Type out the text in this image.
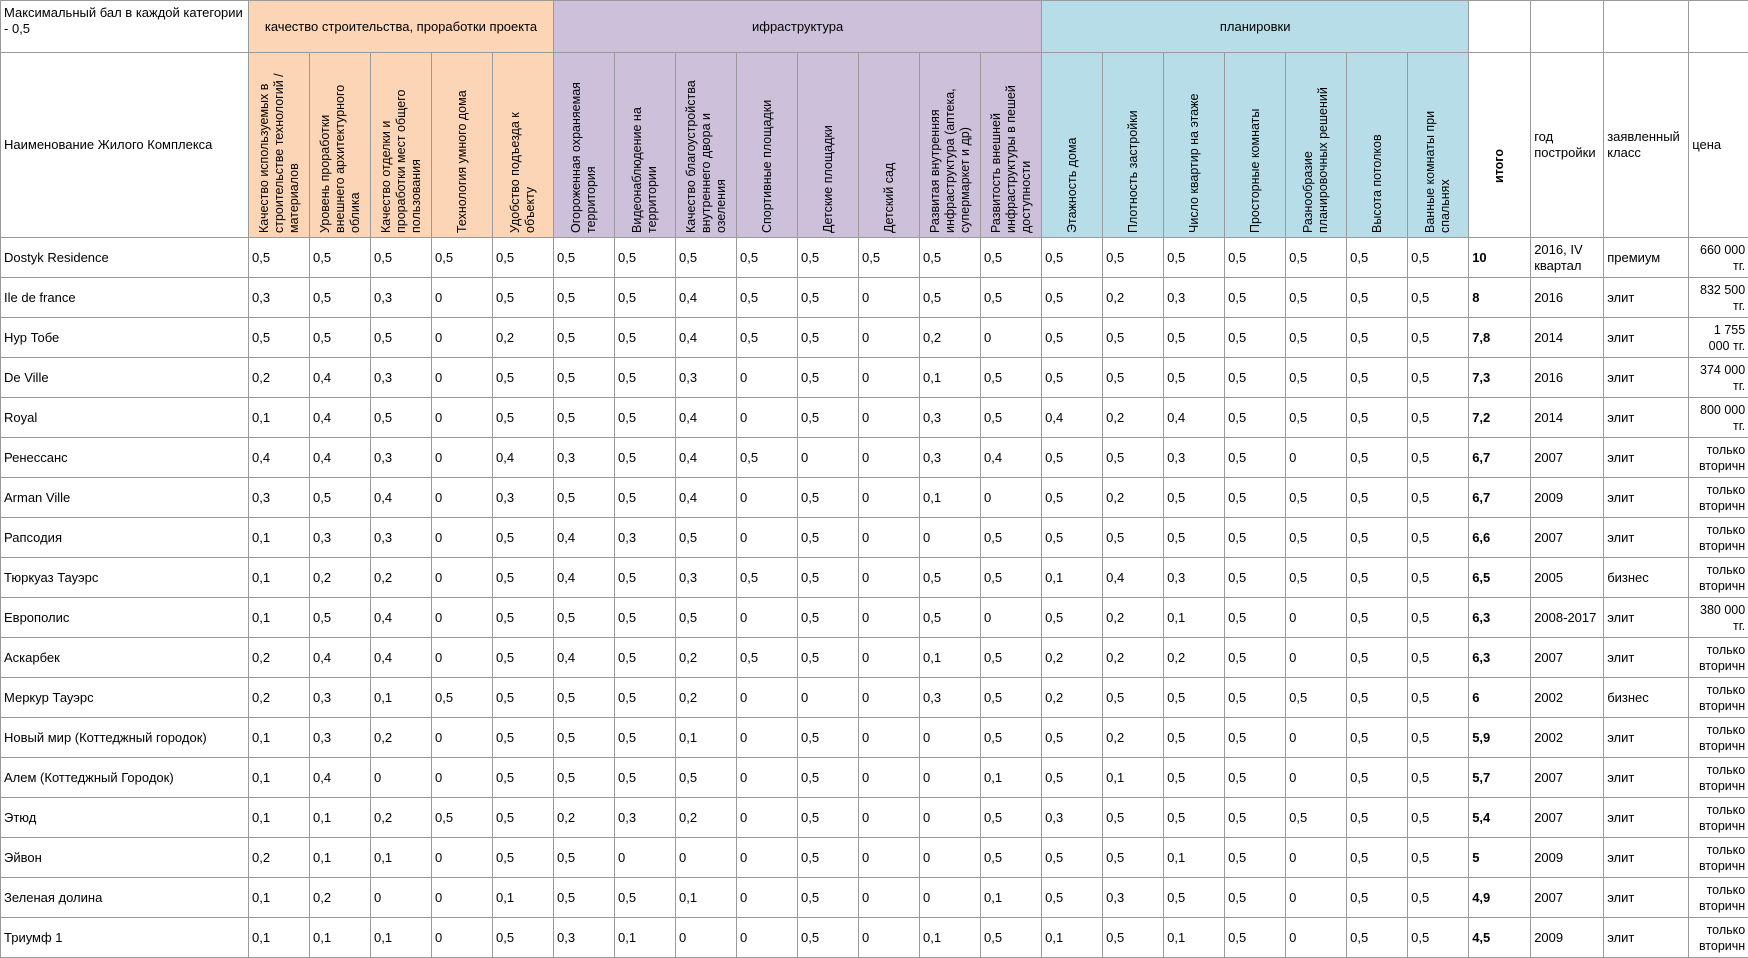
Максимальный бал в каждой категории - 0,5	качество строительства, проработки проекта					ифраструктура								планировки										
Наименование Жилого Комплекса	Качество используемых в строительстве технологий / материалов	Уровень проработки внешнего архитектурного облика	Качество отделки и проработки мест общего пользования	Технология умного дома	Удобство подъезда к объекту	Огороженная охраняемая территория	Видеонаблюдение на территории	Качество благоустройства внутреннего двора и озеления	Спортивные площадки	Детские площадки	Детский сад	Развитая внутренняя инфраструктура (аптека, супермаркет и др)	Развитость внешней инфраструктуры в пешей доступности	Этажность дома	Плотность застройки	Число квартир на этаже	Просторные комнаты	Разнообразие планировочных решений	Высота потолков	Ванные комнаты при спальнях	итого	год постройки	заявленный класс	цена
Dostyk Residence	0,5	0,5	0,5	0,5	0,5	0,5	0,5	0,5	0,5	0,5	0,5	0,5	0,5	0,5	0,5	0,5	0,5	0,5	0,5	0,5	10	2016, IV квартал	премиум	660 000 тг.
Ile de france	0,3	0,5	0,3	0	0,5	0,5	0,5	0,4	0,5	0,5	0	0,5	0,5	0,5	0,2	0,3	0,5	0,5	0,5	0,5	8	2016	элит	832 500 тг.
Нур Тобе	0,5	0,5	0,5	0	0,2	0,5	0,5	0,4	0,5	0,5	0	0,2	0	0,5	0,5	0,5	0,5	0,5	0,5	0,5	7,8	2014	элит	1 755 000 тг.
De Ville	0,2	0,4	0,3	0	0,5	0,5	0,5	0,3	0	0,5	0	0,1	0,5	0,5	0,5	0,5	0,5	0,5	0,5	0,5	7,3	2016	элит	374 000 тг.
Royal	0,1	0,4	0,5	0	0,5	0,5	0,5	0,4	0	0,5	0	0,3	0,5	0,4	0,2	0,4	0,5	0,5	0,5	0,5	7,2	2014	элит	800 000 тг.
Ренессанс	0,4	0,4	0,3	0	0,4	0,3	0,5	0,4	0,5	0	0	0,3	0,4	0,5	0,5	0,3	0,5	0	0,5	0,5	6,7	2007	элит	только вторичн
Arman Ville	0,3	0,5	0,4	0	0,3	0,5	0,5	0,4	0	0,5	0	0,1	0	0,5	0,2	0,5	0,5	0,5	0,5	0,5	6,7	2009	элит	только вторичн
Рапсодия	0,1	0,3	0,3	0	0,5	0,4	0,3	0,5	0	0,5	0	0	0,5	0,5	0,5	0,5	0,5	0,5	0,5	0,5	6,6	2007	элит	только вторичн
Тюркуаз Тауэрс	0,1	0,2	0,2	0	0,5	0,4	0,5	0,3	0,5	0,5	0	0,5	0,5	0,1	0,4	0,3	0,5	0,5	0,5	0,5	6,5	2005	бизнес	только вторичн
Европолис	0,1	0,5	0,4	0	0,5	0,5	0,5	0,5	0	0,5	0	0,5	0	0,5	0,2	0,1	0,5	0	0,5	0,5	6,3	2008-2017	элит	380 000 тг.
Аскарбек	0,2	0,4	0,4	0	0,5	0,4	0,5	0,2	0,5	0,5	0	0,1	0,5	0,2	0,2	0,2	0,5	0	0,5	0,5	6,3	2007	элит	только вторичн
Меркур Тауэрс	0,2	0,3	0,1	0,5	0,5	0,5	0,5	0,2	0	0	0	0,3	0,5	0,2	0,5	0,5	0,5	0,5	0,5	0,5	6	2002	бизнес	только вторичн
Новый мир (Коттеджный городок)	0,1	0,3	0,2	0	0,5	0,5	0,5	0,1	0	0,5	0	0	0,5	0,5	0,2	0,5	0,5	0	0,5	0,5	5,9	2002	элит	только вторичн
Алем (Коттеджный Городок)	0,1	0,4	0	0	0,5	0,5	0,5	0,5	0	0,5	0	0	0,1	0,5	0,1	0,5	0,5	0	0,5	0,5	5,7	2007	элит	только вторичн
Этюд	0,1	0,1	0,2	0,5	0,5	0,2	0,3	0,2	0	0,5	0	0	0,5	0,3	0,5	0,5	0,5	0,5	0,5	0,5	5,4	2007	элит	только вторичн
Эйвон	0,2	0,1	0,1	0	0,5	0,5	0	0	0	0,5	0	0	0,5	0,5	0,5	0,1	0,5	0	0,5	0,5	5	2009	элит	только вторичн
Зеленая долина	0,1	0,2	0	0	0,1	0,5	0,5	0,1	0	0,5	0	0	0,1	0,5	0,3	0,5	0,5	0	0,5	0,5	4,9	2007	элит	только вторичн
Триумф 1	0,1	0,1	0,1	0	0,5	0,3	0,1	0	0	0,5	0	0,1	0,5	0,1	0,5	0,1	0,5	0	0,5	0,5	4,5	2009	элит	только вторичн
